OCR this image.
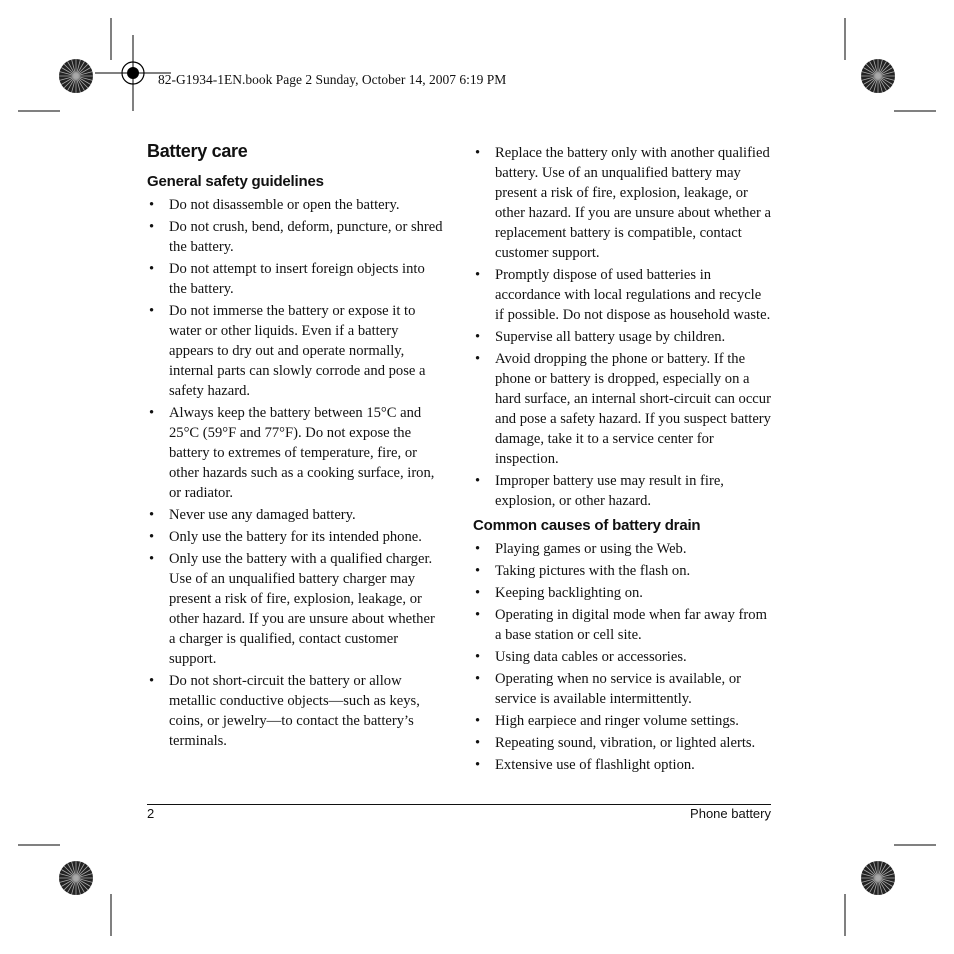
82-G1934-1EN.book Page 2 Sunday, October 14, 2007 6:19 PM
Battery care
General safety guidelines
• Do not disassemble or open the battery.
• Do not crush, bend, deform, puncture, or shred the battery.
• Do not attempt to insert foreign objects into the battery.
• Do not immerse the battery or expose it to water or other liquids. Even if a battery appears to dry out and operate normally, internal parts can slowly corrode and pose a safety hazard.
• Always keep the battery between 15°C and 25°C (59°F and 77°F). Do not expose the battery to extremes of temperature, fire, or other hazards such as a cooking surface, iron, or radiator.
• Never use any damaged battery.
• Only use the battery for its intended phone.
• Only use the battery with a qualified charger. Use of an unqualified battery charger may present a risk of fire, explosion, leakage, or other hazard. If you are unsure about whether a charger is qualified, contact customer support.
• Do not short-circuit the battery or allow metallic conductive objects—such as keys, coins, or jewelry—to contact the battery’s terminals.
• Replace the battery only with another qualified battery. Use of an unqualified battery may present a risk of fire, explosion, leakage, or other hazard. If you are unsure about whether a replacement battery is compatible, contact customer support.
• Promptly dispose of used batteries in accordance with local regulations and recycle if possible. Do not dispose as household waste.
• Supervise all battery usage by children.
• Avoid dropping the phone or battery. If the phone or battery is dropped, especially on a hard surface, an internal short-circuit can occur and pose a safety hazard. If you suspect battery damage, take it to a service center for inspection.
• Improper battery use may result in fire, explosion, or other hazard.
Common causes of battery drain
• Playing games or using the Web.
• Taking pictures with the flash on.
• Keeping backlighting on.
• Operating in digital mode when far away from a base station or cell site.
• Using data cables or accessories.
• Operating when no service is available, or service is available intermittently.
• High earpiece and ringer volume settings.
• Repeating sound, vibration, or lighted alerts.
• Extensive use of flashlight option.
2	Phone battery
